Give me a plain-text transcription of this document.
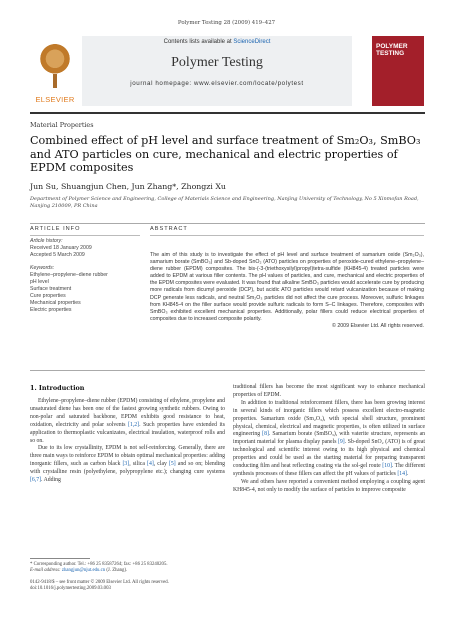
Polymer Testing 28 (2009) 419–427
ELSEVIER
Contents lists available at ScienceDirect
Polymer Testing
journal homepage: www.elsevier.com/locate/polytest
POLYMER
TESTING
Material Properties
Combined effect of pH level and surface treatment of Sm₂O₃, SmBO₃ and ATO particles on cure, mechanical and electric properties of EPDM composites
Jun Su, Shuangjun Chen, Jun Zhang*, Zhongzi Xu
Department of Polymer Science and Engineering, College of Materials Science and Engineering, Nanjing University of Technology, No 5 Xinmofan Road, Nanjing 210009, PR China
ARTICLE INFO	ABSTRACT
Article history:
Received 18 January 2009
Accepted 5 March 2009
Keywords:
Ethylene–propylene–diene rubber
pH level
Surface treatment
Cure properties
Mechanical properties
Electric properties
The aim of this study is to investigate the effect of pH level and surface treatment of samarium oxide (Sm₂O₃), samarium borate (SmBO₃) and Sb-doped SnO₂ (ATO) particles on properties of peroxide-cured ethylene–propylene–diene rubber (EPDM) composites. The bis-(-3-(triethoxysilyl)propyl)tetra-sulfide (KH845-4) treated particles were added to EPDM at various filler contents. The pH values of particles, and cure, mechanical and electric properties of the EPDM composites were evaluated. It was found that alkaline SmBO₃ particles would accelerate cure by producing more radicals from dicumyl peroxide (DCP), but acidic ATO particles would retard vulcanization because of making DCP generate less radicals, and neutral Sm₂O₃ particles did not affect the cure process. Moreover, sulfuric linkages from KH845-4 on the filler surface would provide sulfuric radicals to form S–C linkages. Therefore, composites with SmBO₃ exhibited excellent mechanical properties. Additionally, polar fillers could reduce electrical properties of composites due to increased composite polarity.
© 2009 Elsevier Ltd. All rights reserved.
1. Introduction
Ethylene–propylene–diene rubber (EPDM) consisting of ethylene, propylene and unsaturated diene has been one of the fastest growing synthetic rubbers. Owing to non-polar and saturated backbone, EPDM exhibits good resistance to heat, oxidation, electricity and polar solvents [1,2]. Such properties have extended its application to thermoplastic vulcanizates, electrical insulation, waterproof rolls and so on.
Due to its low crystallinity, EPDM is not self-reinforcing. Generally, there are three main ways to reinforce EPDM to obtain optimal mechanical properties: adding inorganic fillers, such as carbon black [3], silica [4], clay [5] and so on; blending with crystalline resin (polyethylene, polypropylene etc.); changing cure systems [6,7]. Adding
traditional fillers has become the most significant way to enhance mechanical properties of EPDM.
In addition to traditional reinforcement fillers, there has been growing interest in several kinds of inorganic fillers which possess excellent electro-magnetic properties. Samarium oxide (Sm₂O₃), with special shell structure, prominent physical, chemical, electrical and magnetic properties, is often utilized in surface engineering [8]. Samarium borate (SmBO₃), with vaterite structure, represents an important material for plasma display panels [9]. Sb-doped SnO₂ (ATO) is of great technological and scientific interest owing to its high physical and chemical properties and could be used as the starting material for preparing transparent conducting film and heat reflecting coating via the sol-gel route [10]. The different synthesis processes of these fillers can affect the pH values of particles [14].
We and others have reported a convenient method employing a coupling agent KH845-4, not only to modify the surface of particles to improve composite
* Corresponding author. Tel.: +86 25 83587264; fax: +86 25 83240205.
E-mail address: zhangjun@njut.edu.cn (J. Zhang).
0142-9418/$ – see front matter © 2009 Elsevier Ltd. All rights reserved.
doi:10.1016/j.polymertesting.2009.03.003
